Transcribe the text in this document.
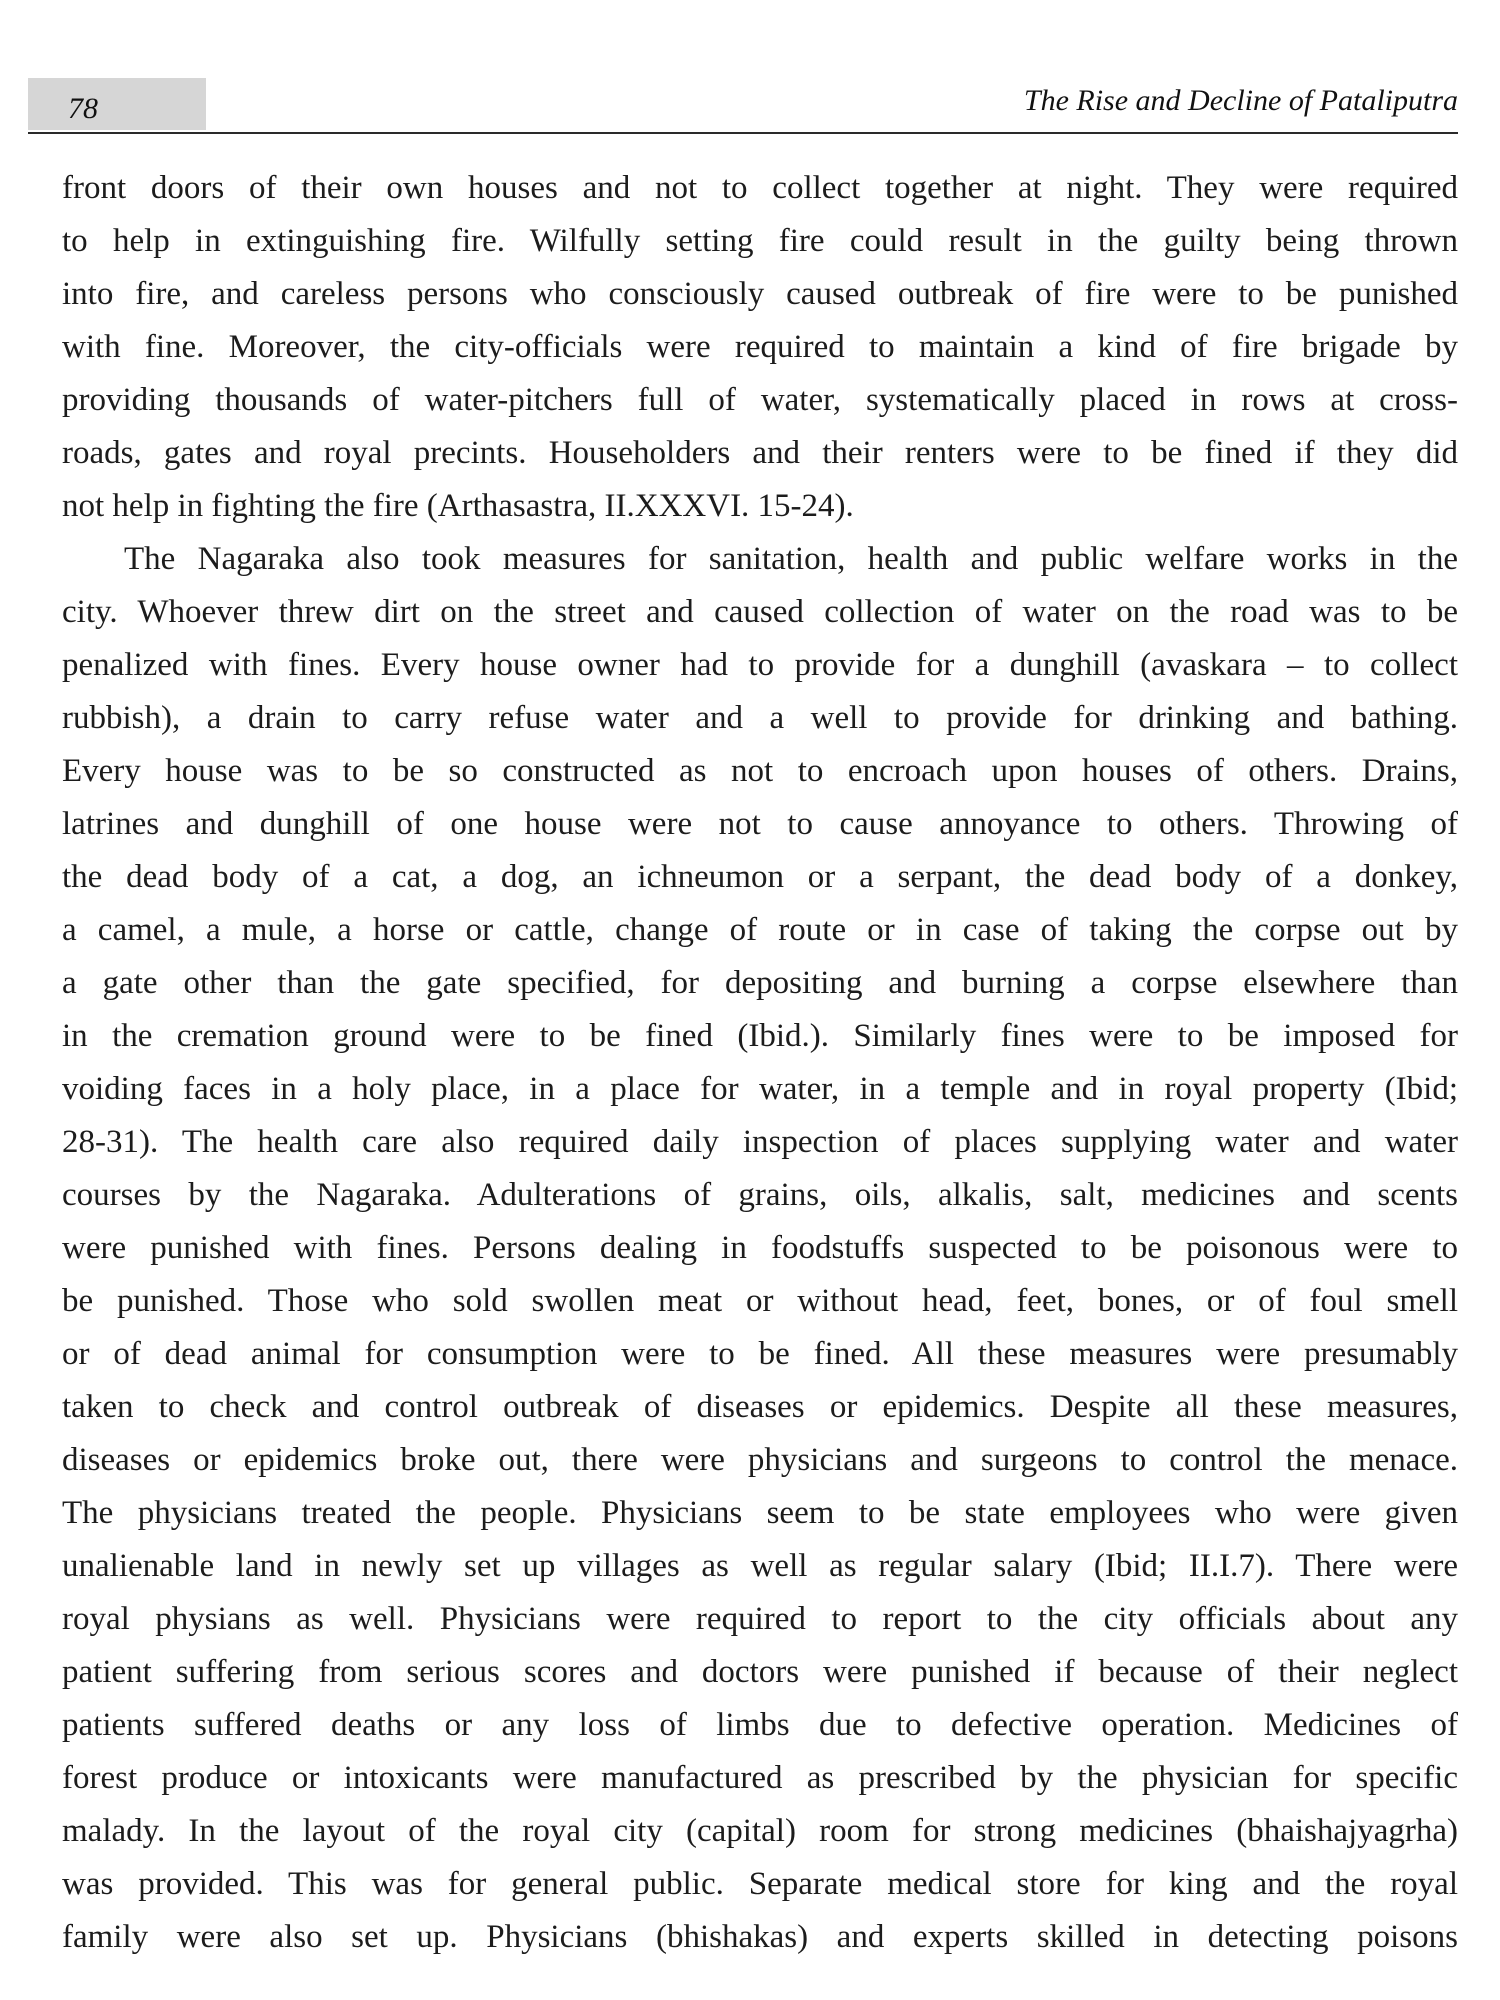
78	The Rise and Decline of Pataliputra
front doors of their own houses and not to collect together at night. They were required
to help in extinguishing fire. Wilfully setting fire could result in the guilty being thrown
into fire, and careless persons who consciously caused outbreak of fire were to be punished
with fine. Moreover, the city-officials were required to maintain a kind of fire brigade by
providing thousands of water-pitchers full of water, systematically placed in rows at cross-
roads, gates and royal precints. Householders and their renters were to be fined if they did
not help in fighting the fire (Arthasastra, II.XXXVI. 15-24).
The Nagaraka also took measures for sanitation, health and public welfare works in the
city. Whoever threw dirt on the street and caused collection of water on the road was to be
penalized with fines. Every house owner had to provide for a dunghill (avaskara – to collect
rubbish), a drain to carry refuse water and a well to provide for drinking and bathing.
Every house was to be so constructed as not to encroach upon houses of others. Drains,
latrines and dunghill of one house were not to cause annoyance to others. Throwing of
the dead body of a cat, a dog, an ichneumon or a serpant, the dead body of a donkey,
a camel, a mule, a horse or cattle, change of route or in case of taking the corpse out by
a gate other than the gate specified, for depositing and burning a corpse elsewhere than
in the cremation ground were to be fined (Ibid.). Similarly fines were to be imposed for
voiding faces in a holy place, in a place for water, in a temple and in royal property (Ibid;
28-31). The health care also required daily inspection of places supplying water and water
courses by the Nagaraka. Adulterations of grains, oils, alkalis, salt, medicines and scents
were punished with fines. Persons dealing in foodstuffs suspected to be poisonous were to
be punished. Those who sold swollen meat or without head, feet, bones, or of foul smell
or of dead animal for consumption were to be fined. All these measures were presumably
taken to check and control outbreak of diseases or epidemics. Despite all these measures,
diseases or epidemics broke out, there were physicians and surgeons to control the menace.
The physicians treated the people. Physicians seem to be state employees who were given
unalienable land in newly set up villages as well as regular salary (Ibid; II.I.7). There were
royal physians as well. Physicians were required to report to the city officials about any
patient suffering from serious scores and doctors were punished if because of their neglect
patients suffered deaths or any loss of limbs due to defective operation. Medicines of
forest produce or intoxicants were manufactured as prescribed by the physician for specific
malady. In the layout of the royal city (capital) room for strong medicines (bhaishajyagrha)
was provided. This was for general public. Separate medical store for king and the royal
family were also set up. Physicians (bhishakas) and experts skilled in detecting poisons
